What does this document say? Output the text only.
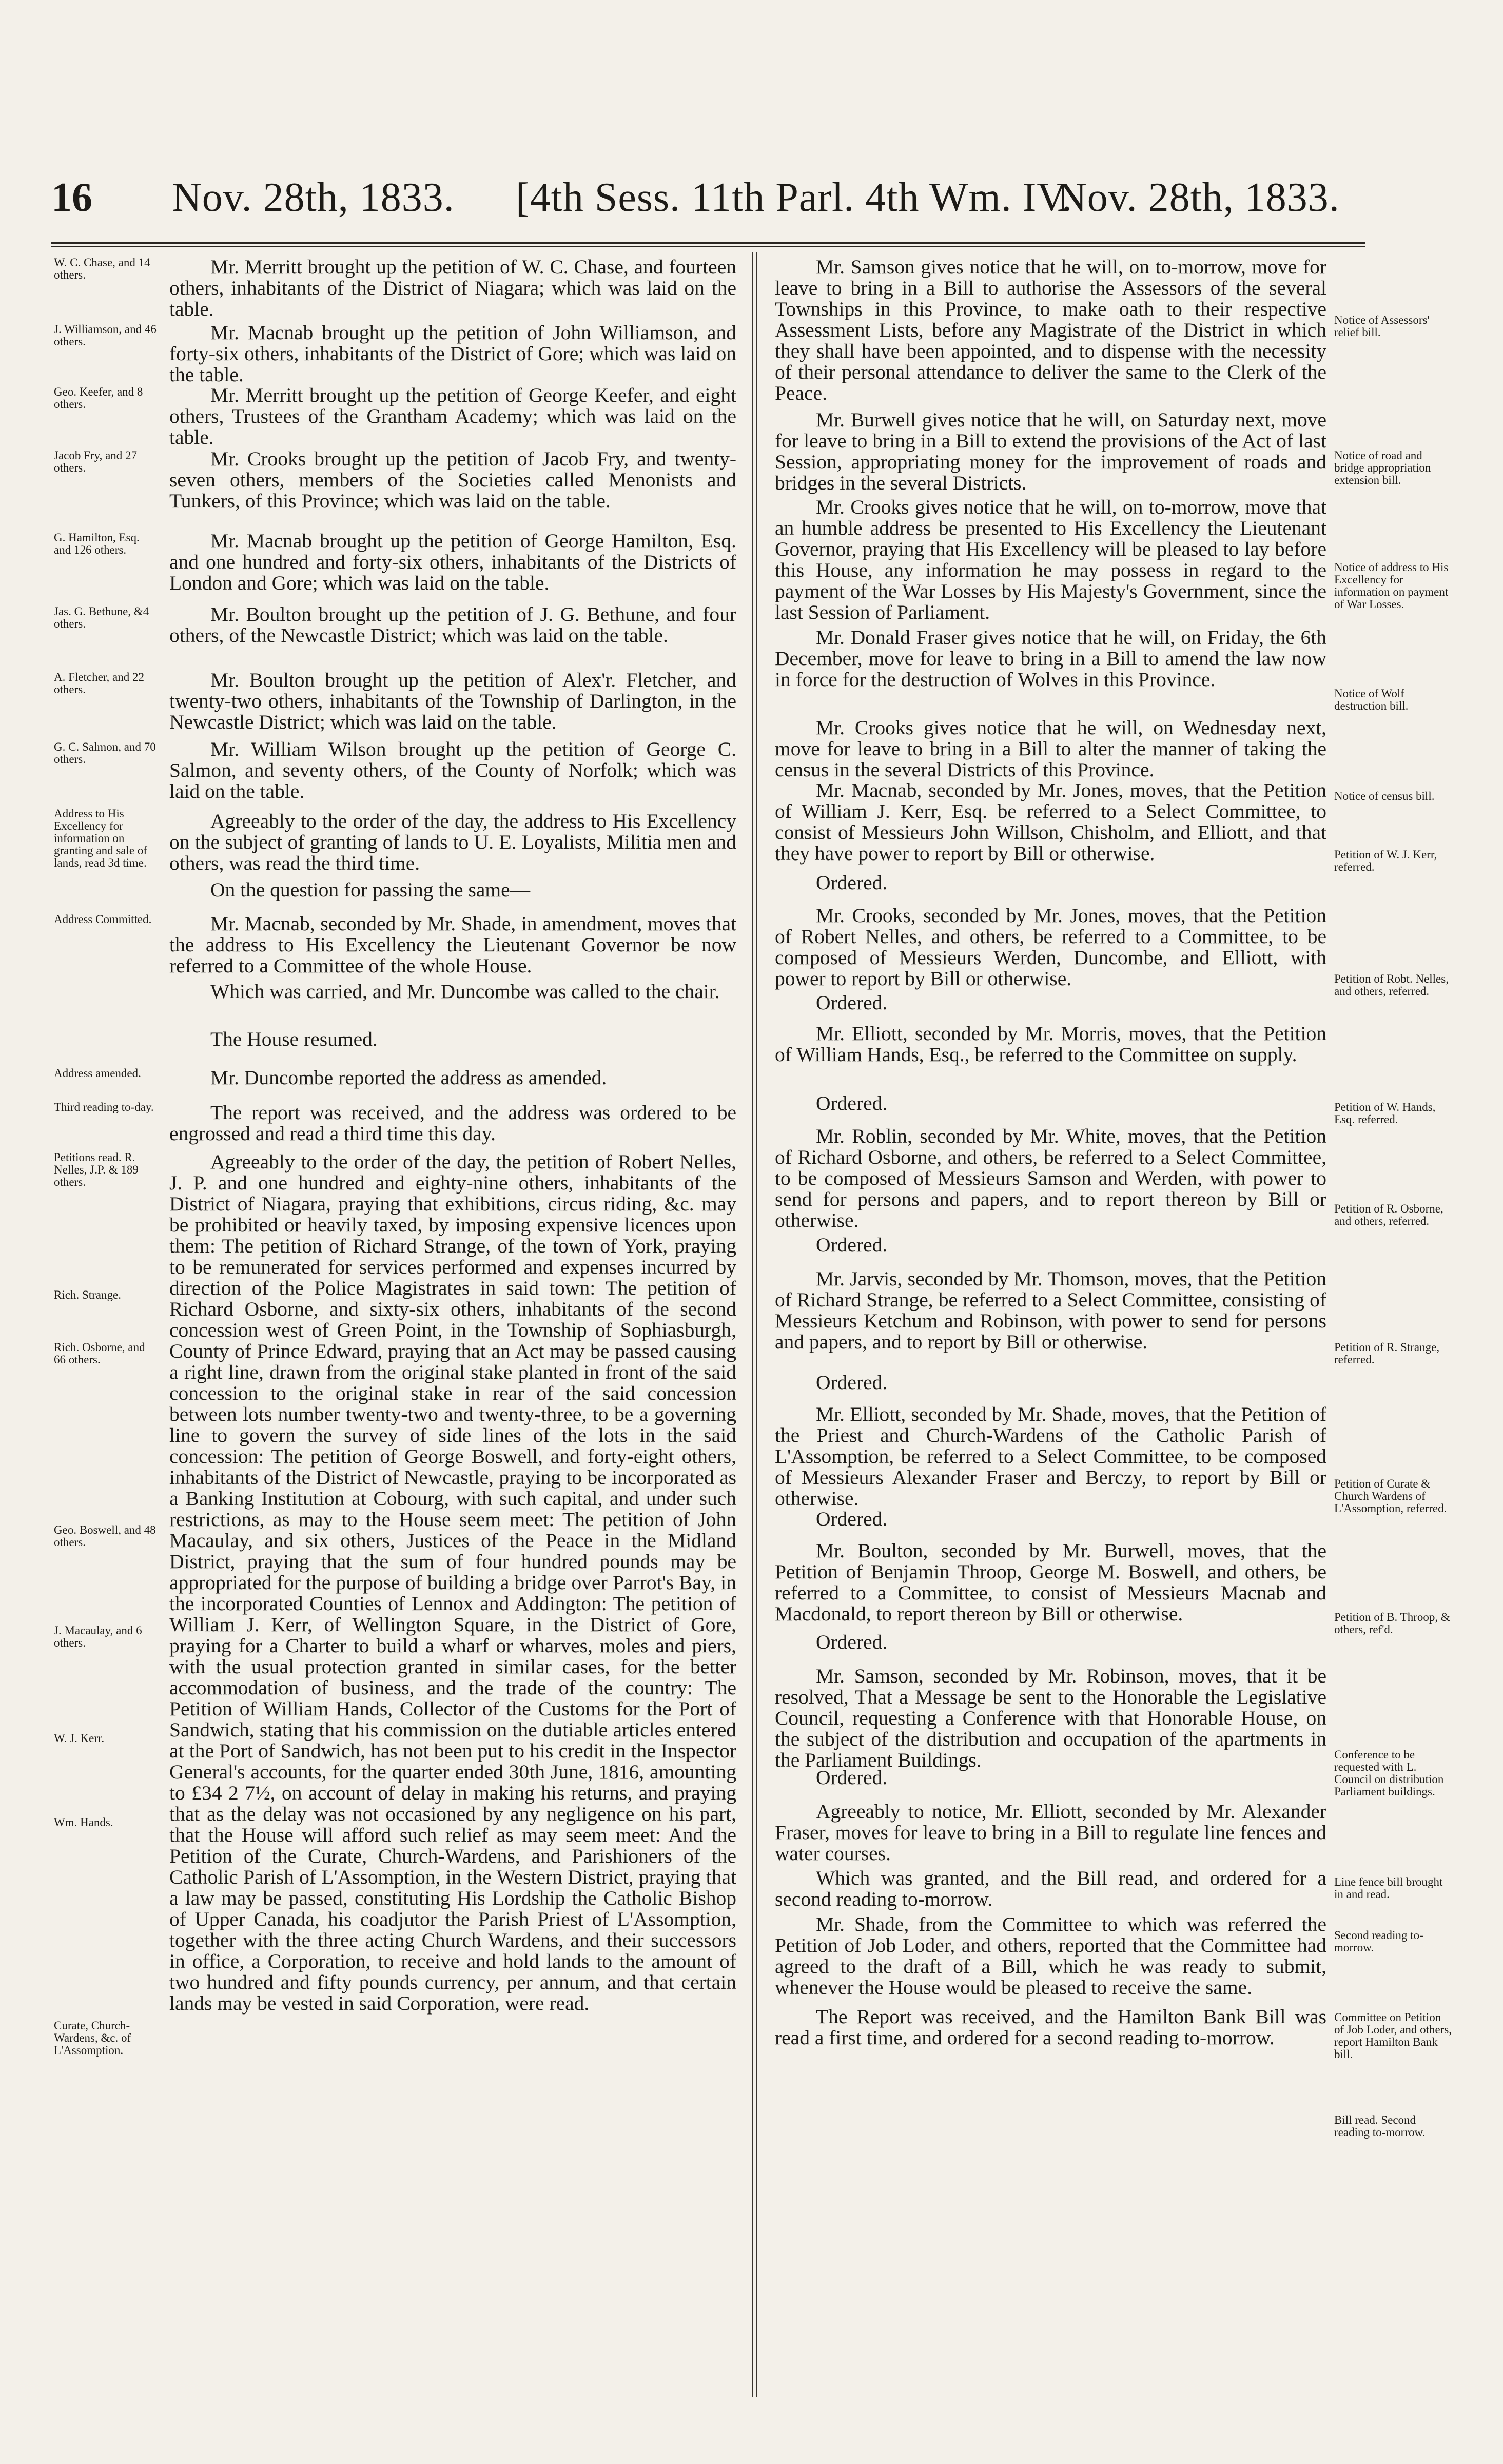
16 Nov. 28th, 1833. [4th Sess. 11th Parl. 4th Wm. IV.
Nov. 28th, 1833.

Mr. Merritt brought up the petition of W. C. Chase, and fourteen others, inhabitants of the District of Niagara; which was laid on the table.

Mr. Macnab brought up the petition of John Williamson, and forty-six others, inhabitants of the District of Gore; which was laid on the table.

Mr. Merritt brought up the petition of George Keefer, and eight others, Trustees of the Grantham Academy; which was laid on the table.

Mr. Crooks brought up the petition of Jacob Fry, and twenty-seven others, members of the Societies called Menonists and Tunkers, of this Province; which was laid on the table.

Mr. Macnab brought up the petition of George Hamilton, Esq. and one hundred and forty-six others, inhabitants of the Districts of London and Gore; which was laid on the table.

Mr. Boulton brought up the petition of J. G. Bethune, and four others, of the Newcastle District; which was laid on the table.

Mr. Boulton brought up the petition of Alex'r. Fletcher, and twenty-two others, inhabitants of the Township of Darlington, in the Newcastle District; which was laid on the table.

Mr. William Wilson brought up the petition of George C. Salmon, and seventy others, of the County of Norfolk; which was laid on the table.

Agreeably to the order of the day, the address to His Excellency on the subject of granting of lands to U. E. Loyalists, Militia men and others, was read the third time.

On the question for passing the same—

Mr. Macnab, seconded by Mr. Shade, in amendment, moves that the address to His Excellency the Lieutenant Governor be now referred to a Committee of the whole House.

Which was carried, and Mr. Duncombe was called to the chair.

The House resumed.

Mr. Duncombe reported the address as amended.

The report was received, and the address was ordered to be engrossed and read a third time this day.

Agreeably to the order of the day, the petition of Robert Nelles, J. P. and one hundred and eighty-nine others, inhabitants of the District of Niagara, praying that exhibitions, circus riding, &c. may be prohibited or heavily taxed, by imposing expensive licences upon them: The petition of Richard Strange, of the town of York, praying to be remunerated for services performed and expenses incurred by direction of the Police Magistrates in said town: The petition of Richard Osborne, and sixty-six others, inhabitants of the second concession west of Green Point, in the Township of Sophiasburgh, County of Prince Edward, praying that an Act may be passed causing a right line, drawn from the original stake planted in front of the said concession to the original stake in rear of the said concession between lots number twenty-two and twenty-three, to be a governing line to govern the survey of side lines of the lots in the said concession: The petition of George Boswell, and forty-eight others, inhabitants of the District of Newcastle, praying to be incorporated as a Banking Institution at Cobourg, with such capital, and under such restrictions, as may to the House seem meet: The petition of John Macaulay, and six others, Justices of the Peace in the Midland District, praying that the sum of four hundred pounds may be appropriated for the purpose of building a bridge over Parrot's Bay, in the incorporated Counties of Lennox and Addington: The petition of William J. Kerr, of Wellington Square, in the District of Gore, praying for a Charter to build a wharf or wharves, moles and piers, with the usual protection granted in similar cases, for the better accommodation of business, and the trade of the country: The Petition of William Hands, Collector of the Customs for the Port of Sandwich, stating that his commission on the dutiable articles entered at the Port of Sandwich, has not been put to his credit in the Inspector General's accounts, for the quarter ended 30th June, 1816, amounting to £34 2 7½, on account of delay in making his returns, and praying that as the delay was not occasioned by any negligence on his part, that the House will afford such relief as may seem meet: And the Petition of the Curate, Church-Wardens, and Parishioners of the Catholic Parish of L'Assomption, in the Western District, praying that a law may be passed, constituting His Lordship the Catholic Bishop of Upper Canada, his coadjutor the Parish Priest of L'Assomption, together with the three acting Church Wardens, and their successors in office, a Corporation, to receive and hold lands to the amount of two hundred and fifty pounds currency, per annum, and that certain lands may be vested in said Corporation, were read.

Mr. Samson gives notice that he will, on to-morrow, move for leave to bring in a Bill to authorise the Assessors of the several Townships in this Province, to make oath to their respective Assessment Lists, before any Magistrate of the District in which they shall have been appointed, and to dispense with the necessity of their personal attendance to deliver the same to the Clerk of the Peace.

Mr. Burwell gives notice that he will, on Saturday next, move for leave to bring in a Bill to extend the provisions of the Act of last Session, appropriating money for the improvement of roads and bridges in the several Districts.

Mr. Crooks gives notice that he will, on to-morrow, move that an humble address be presented to His Excellency the Lieutenant Governor, praying that His Excellency will be pleased to lay before this House, any information he may possess in regard to the payment of the War Losses by His Majesty's Government, since the last Session of Parliament.

Mr. Donald Fraser gives notice that he will, on Friday, the 6th December, move for leave to bring in a Bill to amend the law now in force for the destruction of Wolves in this Province.

Mr. Crooks gives notice that he will, on Wednesday next, move for leave to bring in a Bill to alter the manner of taking the census in the several Districts of this Province.

Mr. Macnab, seconded by Mr. Jones, moves, that the Petition of William J. Kerr, Esq. be referred to a Select Committee, to consist of Messieurs John Willson, Chisholm, and Elliott, and that they have power to report by Bill or otherwise.

Ordered.

Mr. Crooks, seconded by Mr. Jones, moves, that the Petition of Robert Nelles, and others, be referred to a Committee, to be composed of Messieurs Werden, Duncombe, and Elliott, with power to report by Bill or otherwise.

Ordered.

Mr. Elliott, seconded by Mr. Morris, moves, that the Petition of William Hands, Esq., be referred to the Committee on supply.

Ordered.

Mr. Roblin, seconded by Mr. White, moves, that the Petition of Richard Osborne, and others, be referred to a Select Committee, to be composed of Messieurs Samson and Werden, with power to send for persons and papers, and to report thereon by Bill or otherwise.

Ordered.

Mr. Jarvis, seconded by Mr. Thomson, moves, that the Petition of Richard Strange, be referred to a Select Committee, consisting of Messieurs Ketchum and Robinson, with power to send for persons and papers, and to report by Bill or otherwise.

Ordered.

Mr. Elliott, seconded by Mr. Shade, moves, that the Petition of the Priest and Church-Wardens of the Catholic Parish of L'Assomption, be referred to a Select Committee, to be composed of Messieurs Alexander Fraser and Berczy, to report by Bill or otherwise.

Ordered.

Mr. Boulton, seconded by Mr. Burwell, moves, that the Petition of Benjamin Throop, George M. Boswell, and others, be referred to a Committee, to consist of Messieurs Macnab and Macdonald, to report thereon by Bill or otherwise.

Ordered.

Mr. Samson, seconded by Mr. Robinson, moves, that it be resolved, That a Message be sent to the Honorable the Legislative Council, requesting a Conference with that Honorable House, on the subject of the distribution and occupation of the apartments in the Parliament Buildings.

Ordered.

Agreeably to notice, Mr. Elliott, seconded by Mr. Alexander Fraser, moves for leave to bring in a Bill to regulate line fences and water courses.

Which was granted, and the Bill read, and ordered for a second reading to-morrow.

Mr. Shade, from the Committee to which was referred the Petition of Job Loder, and others, reported that the Committee had agreed to the draft of a Bill, which he was ready to submit, whenever the House would be pleased to receive the same.

The Report was received, and the Hamilton Bank Bill was read a first time, and ordered for a second reading to-morrow.

W. C. Chase, and 14 others.

J. Williamson, and 46 others.

Geo. Keefer, and 8 others.

Jacob Fry, and 27 others.

G. Hamilton, Esq. and 126 others.

Jas. G. Bethune, &4 others.

A. Fletcher, and 22 others.

G. C. Salmon, and 70 others.

Address to His Excellency for information on granting and sale of lands, read 3d time.

Address Committed.

Address amended.

Third reading to-day.

Petitions read. R. Nelles, J.P. & 189 others.

Rich. Strange.

Rich. Osborne, and 66 others.

Geo. Boswell, and 48 others.

J. Macaulay, and 6 others.

W. J. Kerr.

Wm. Hands.

Curate, Church-Wardens, &c. of L'Assomption.

Notice of Assessors' relief bill.

Notice of road and bridge appropriation extension bill.

Notice of address to His Excellency for information on payment of War Losses.

Notice of Wolf destruction bill.

Notice of census bill.

Petition of W. J. Kerr, referred.

Petition of Robt. Nelles, and others, referred.

Petition of W. Hands, Esq. referred.

Petition of R. Osborne, and others, referred.

Petition of R. Strange, referred.

Petition of Curate & Church Wardens of L'Assomption, referred.

Petition of B. Throop, & others, ref'd.

Conference to be requested with L. Council on distribution Parliament buildings.

Line fence bill brought in and read.

Second reading to-morrow.

Committee on Petition of Job Loder, and others, report Hamilton Bank bill.

Bill read. Second reading to-morrow.
